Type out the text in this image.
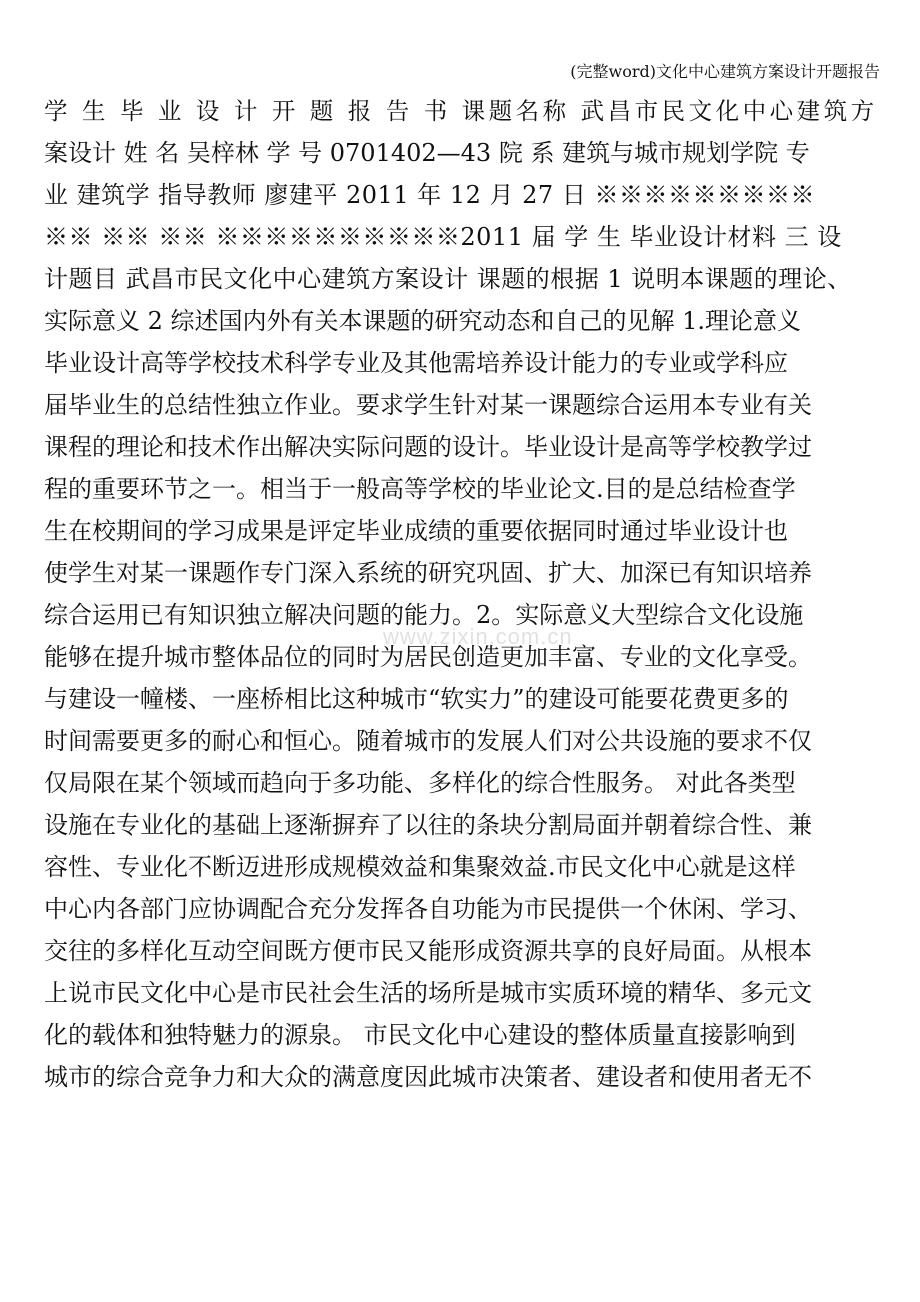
(完整word)文化中心建筑方案设计开题报告
学 生 毕 业 设 计 开 题 报 告 书 课题名称 武昌市民文化中心建筑方
案设计 姓 名 吴梓林 学 号 0701402—43 院 系 建筑与城市规划学院 专
业 建筑学 指导教师 廖建平 2011 年 12 月 27 日 ※※※※※※※※※
※※ ※※ ※※ ※※※※※※※※※※2011 届 学 生 毕业设计材料 三 设
计题目 武昌市民文化中心建筑方案设计 课题的根据 1 说明本课题的理论、
实际意义 2 综述国内外有关本课题的研究动态和自己的见解 1.理论意义
毕业设计高等学校技术科学专业及其他需培养设计能力的专业或学科应
届毕业生的总结性独立作业。要求学生针对某一课题综合运用本专业有关
课程的理论和技术作出解决实际问题的设计。毕业设计是高等学校教学过
程的重要环节之一。相当于一般高等学校的毕业论文.目的是总结检查学
生在校期间的学习成果是评定毕业成绩的重要依据同时通过毕业设计也
使学生对某一课题作专门深入系统的研究巩固、扩大、加深已有知识培养
综合运用已有知识独立解决问题的能力。2。实际意义大型综合文化设施
能够在提升城市整体品位的同时为居民创造更加丰富、专业的文化享受。
与建设一幢楼、一座桥相比这种城市“软实力”的建设可能要花费更多的
时间需要更多的耐心和恒心。随着城市的发展人们对公共设施的要求不仅
仅局限在某个领域而趋向于多功能、多样化的综合性服务。 对此各类型
设施在专业化的基础上逐渐摒弃了以往的条块分割局面并朝着综合性、兼
容性、专业化不断迈进形成规模效益和集聚效益.市民文化中心就是这样
中心内各部门应协调配合充分发挥各自功能为市民提供一个休闲、学习、
交往的多样化互动空间既方便市民又能形成资源共享的良好局面。从根本
上说市民文化中心是市民社会生活的场所是城市实质环境的精华、多元文
化的载体和独特魅力的源泉。 市民文化中心建设的整体质量直接影响到
城市的综合竞争力和大众的满意度因此城市决策者、建设者和使用者无不
www.zixin.com.cn
